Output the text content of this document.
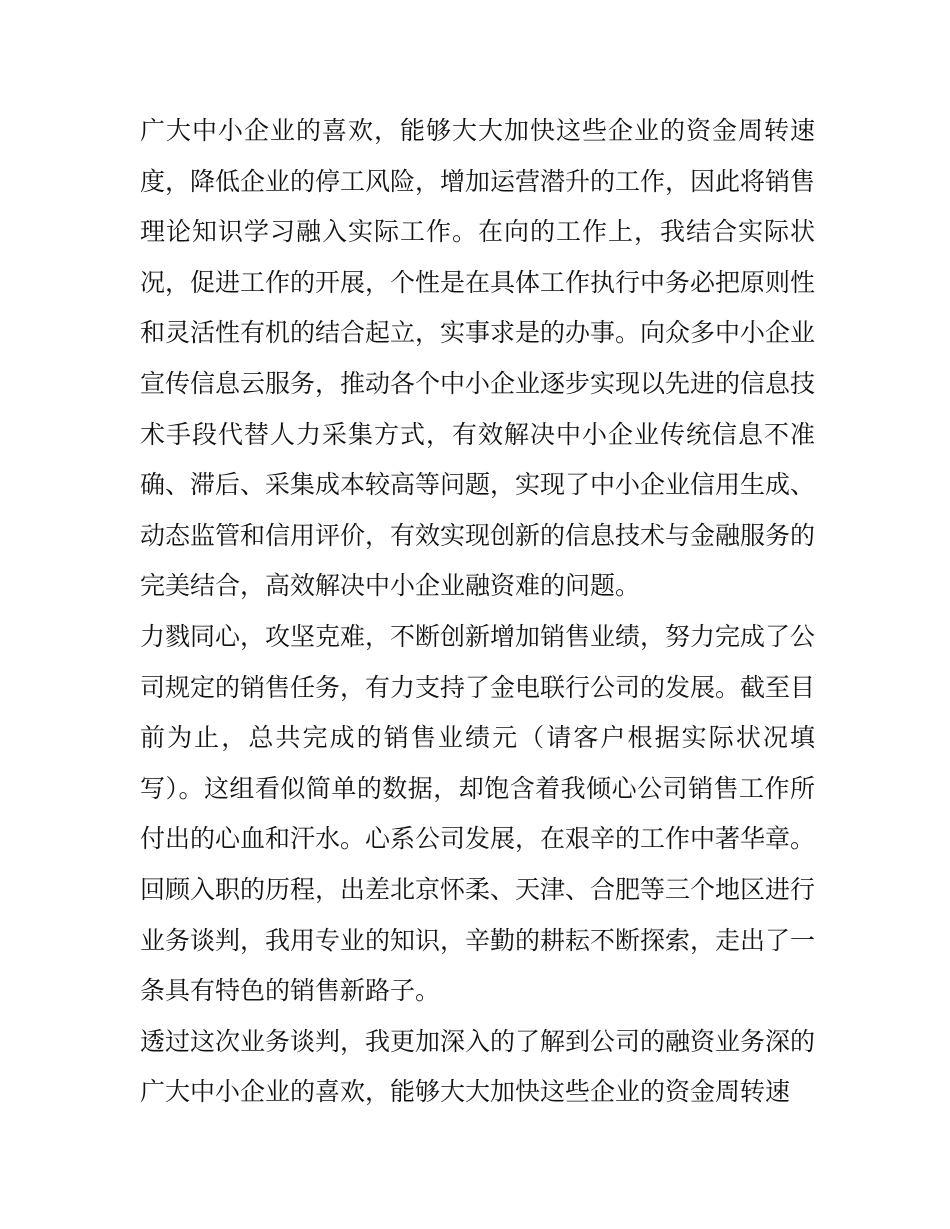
广大中小企业的喜欢，能够大大加快这些企业的资金周转速度，降低企业的停工风险，增加运营潜升的工作，因此将销售理论知识学习融入实际工作。在向的工作上，我结合实际状况，促进工作的开展，个性是在具体工作执行中务必把原则性和灵活性有机的结合起立，实事求是的办事。向众多中小企业宣传信息云服务，推动各个中小企业逐步实现以先进的信息技术手段代替人力采集方式，有效解决中小企业传统信息不准确、滞后、采集成本较高等问题，实现了中小企业信用生成、动态监管和信用评价，有效实现创新的信息技术与金融服务的完美结合，高效解决中小企业融资难的问题。

力戮同心，攻坚克难，不断创新增加销售业绩，努力完成了公司规定的销售任务，有力支持了金电联行公司的发展。截至目前为止，总共完成的销售业绩元（请客户根据实际状况填写）。这组看似简单的数据，却饱含着我倾心公司销售工作所付出的心血和汗水。心系公司发展，在艰辛的工作中著华章。回顾入职的历程，出差北京怀柔、天津、合肥等三个地区进行业务谈判，我用专业的知识，辛勤的耕耘不断探索，走出了一条具有特色的销售新路子。

透过这次业务谈判，我更加深入的了解到公司的融资业务深的广大中小企业的喜欢，能够大大加快这些企业的资金周转速
